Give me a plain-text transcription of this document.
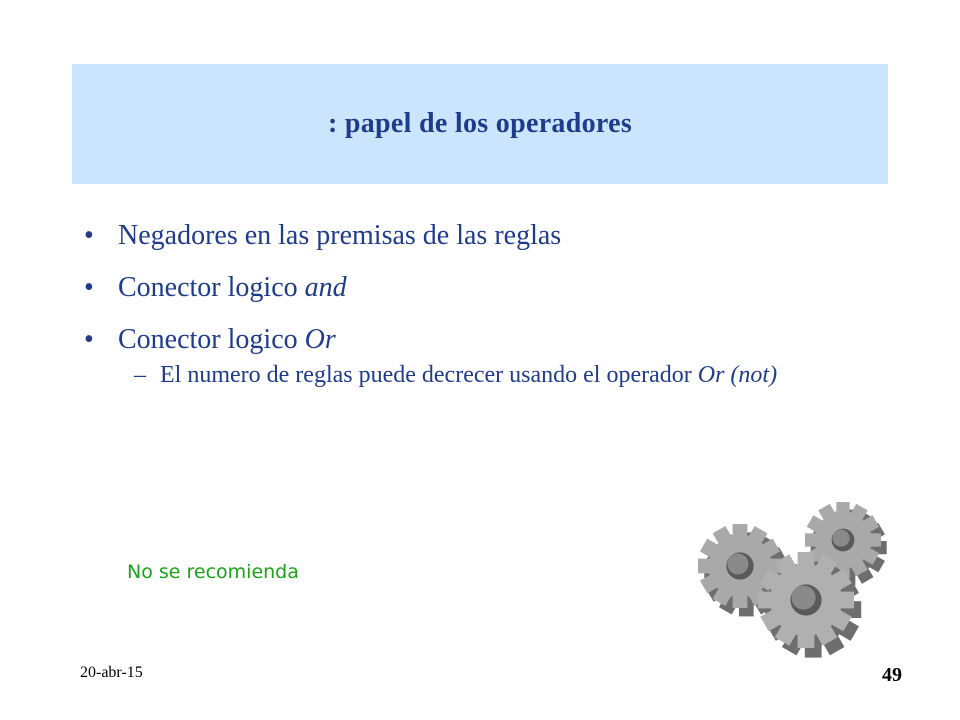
: papel de los operadores
• Negadores en las premisas de las reglas
• Conector logico and
• Conector logico Or
– El numero de reglas puede decrecer usando el operador Or (not)
No se recomienda
20-abr-15	49
